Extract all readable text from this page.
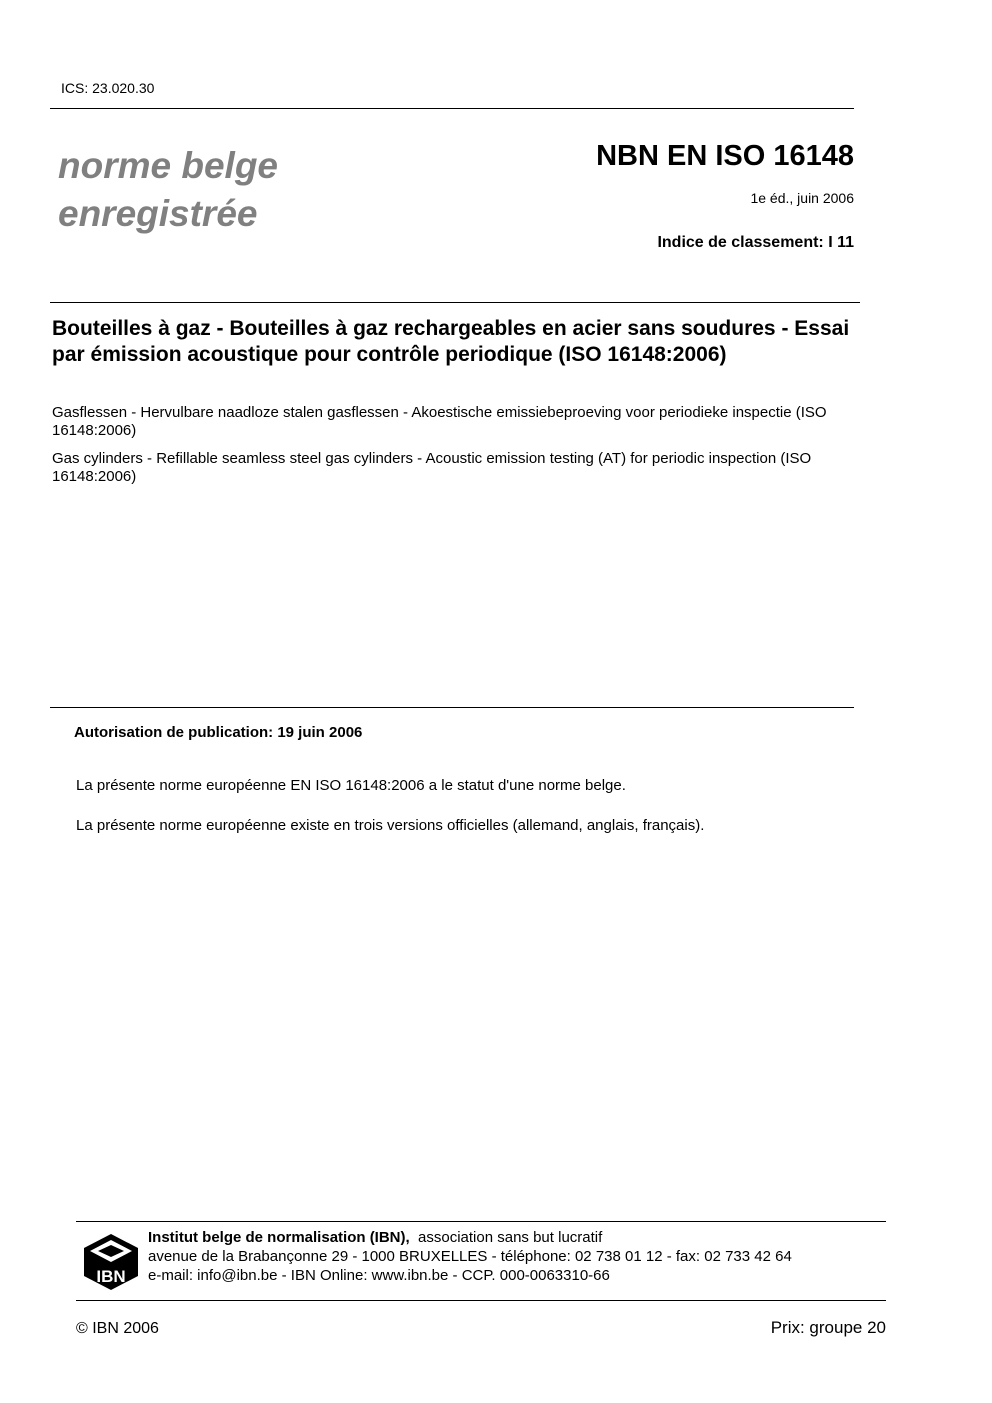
ICS: 23.020.30
norme belge
enregistrée
NBN EN ISO 16148
1e éd., juin 2006
Indice de classement: I 11
Bouteilles à gaz - Bouteilles à gaz rechargeables en acier sans soudures - Essai par émission acoustique pour contrôle periodique (ISO 16148:2006)
Gasflessen - Hervulbare naadloze stalen gasflessen - Akoestische emissiebeproeving voor periodieke inspectie (ISO 16148:2006)
Gas cylinders - Refillable seamless steel gas cylinders - Acoustic emission testing (AT) for periodic inspection (ISO 16148:2006)
Autorisation de publication: 19 juin 2006
La présente norme européenne EN ISO 16148:2006 a le statut d'une norme belge.
La présente norme européenne existe en trois versions officielles (allemand, anglais, français).
IBN
Institut belge de normalisation (IBN), association sans but lucratif
avenue de la Brabançonne 29 - 1000 BRUXELLES - téléphone: 02 738 01 12 - fax: 02 733 42 64
e-mail: info@ibn.be - IBN Online: www.ibn.be - CCP. 000-0063310-66
© IBN 2006	Prix: groupe 20
